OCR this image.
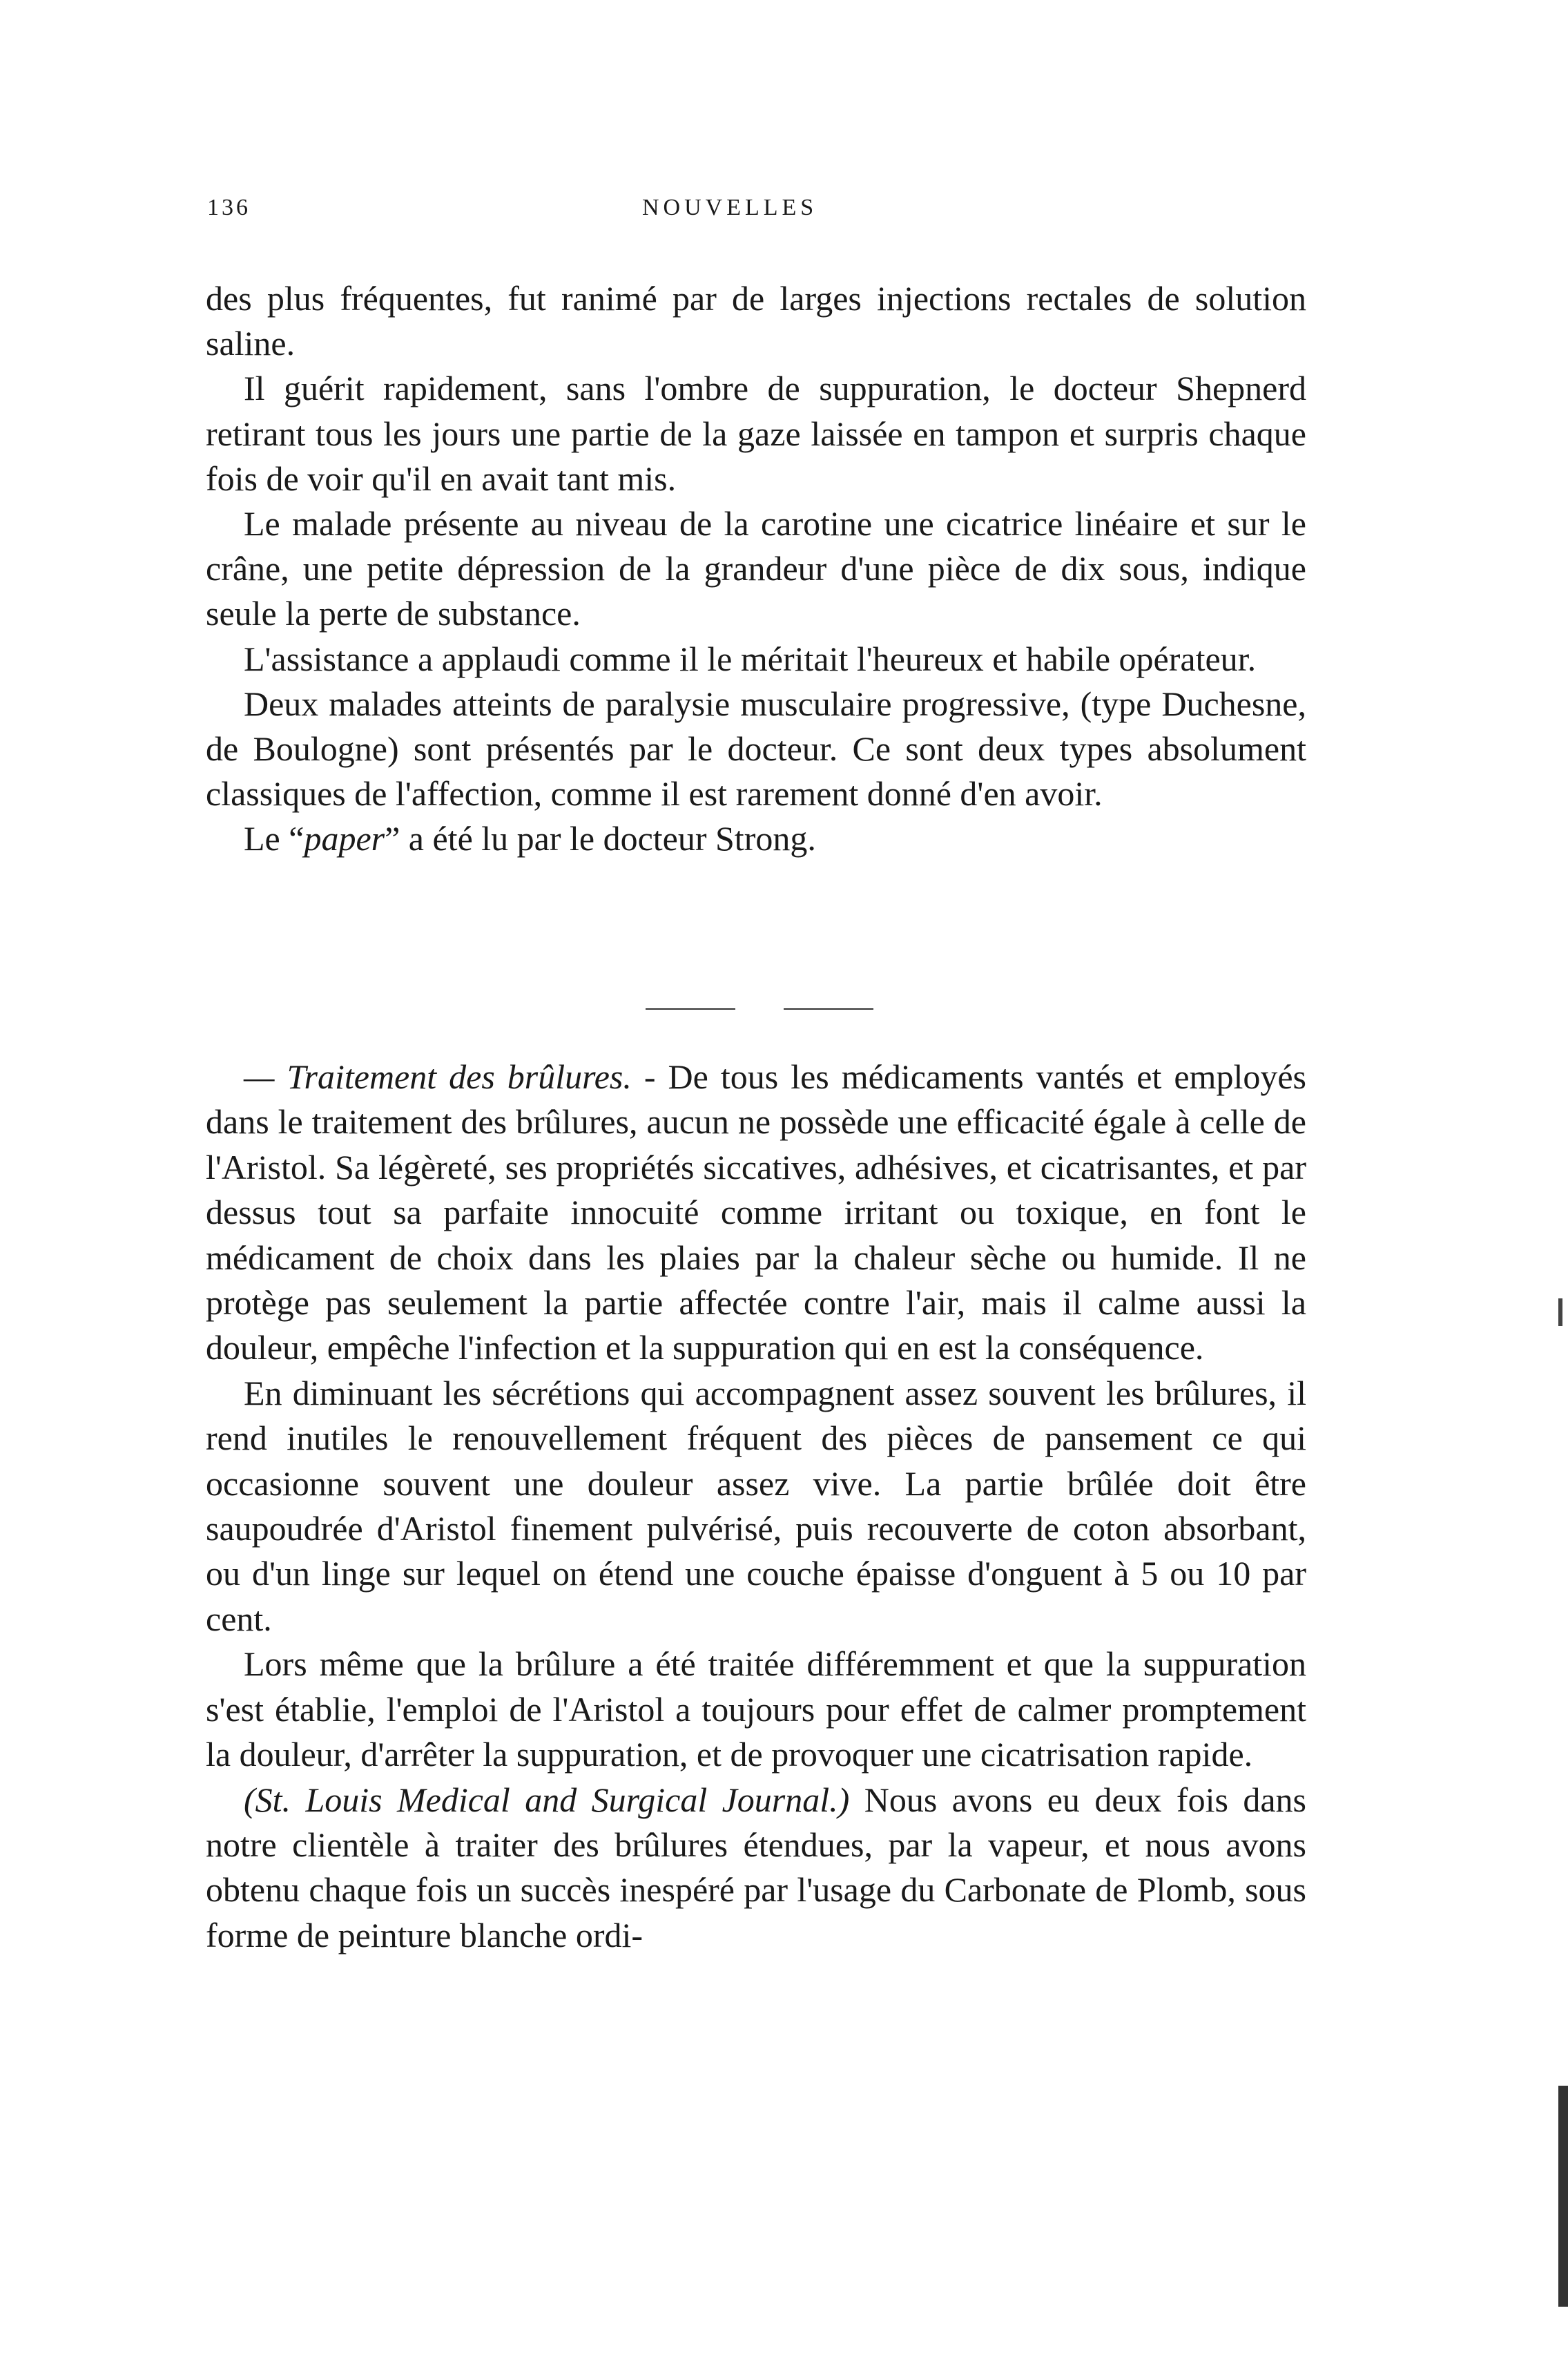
136	NOUVELLES

des plus fréquentes, fut ranimé par de larges injections rectales de solution saline.

Il guérit rapidement, sans l'ombre de suppuration, le docteur Shepnerd retirant tous les jours une partie de la gaze laissée en tampon et surpris chaque fois de voir qu'il en avait tant mis.

Le malade présente au niveau de la carotine une cicatrice linéaire et sur le crâne, une petite dépression de la grandeur d'une pièce de dix sous, indique seule la perte de substance.

L'assistance a applaudi comme il le méritait l'heureux et habile opérateur.

Deux malades atteints de paralysie musculaire progressive, (type Duchesne, de Boulogne) sont présentés par le docteur. Ce sont deux types absolument classiques de l'affection, comme il est rarement donné d'en avoir.

Le “paper” a été lu par le docteur Strong.

— Traitement des brûlures. - De tous les médicaments vantés et employés dans le traitement des brûlures, aucun ne possède une efficacité égale à celle de l'Aristol. Sa légèreté, ses propriétés siccatives, adhésives, et cicatrisantes, et par dessus tout sa parfaite innocuité comme irritant ou toxique, en font le médicament de choix dans les plaies par la chaleur sèche ou humide. Il ne protège pas seulement la partie affectée contre l'air, mais il calme aussi la douleur, empêche l'infection et la suppuration qui en est la conséquence.

En diminuant les sécrétions qui accompagnent assez souvent les brûlures, il rend inutiles le renouvellement fréquent des pièces de pansement ce qui occasionne souvent une douleur assez vive. La partie brûlée doit être saupoudrée d'Aristol finement pulvérisé, puis recouverte de coton absorbant, ou d'un linge sur lequel on étend une couche épaisse d'onguent à 5 ou 10 par cent.

Lors même que la brûlure a été traitée différemment et que la suppuration s'est établie, l'emploi de l'Aristol a toujours pour effet de calmer promptement la douleur, d'arrêter la suppuration, et de provoquer une cicatrisation rapide.

(St. Louis Medical and Surgical Journal.) Nous avons eu deux fois dans notre clientèle à traiter des brûlures étendues, par la vapeur, et nous avons obtenu chaque fois un succès inespéré par l'usage du Carbonate de Plomb, sous forme de peinture blanche ordi-
